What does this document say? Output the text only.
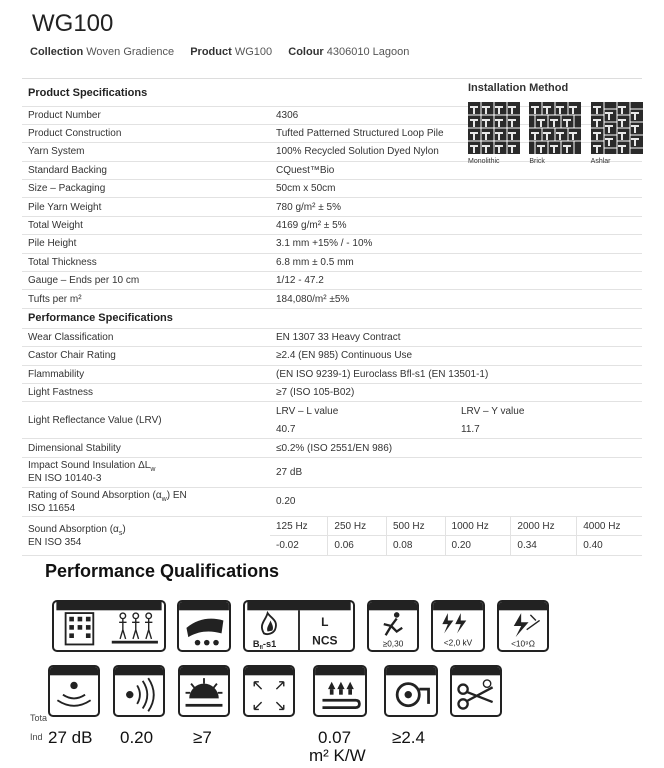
WG100
Collection Woven Gradience Product WG100 Colour 4306010 Lagoon
Product Specifications
Product Number	4306
Product Construction	Tufted Patterned Structured Loop Pile
Yarn System	100% Recycled Solution Dyed Nylon
Standard Backing	CQuest™Bio
Size – Packaging	50cm x 50cm
Pile Yarn Weight	780 g/m² ± 5%
Total Weight	4169 g/m² ± 5%
Pile Height	3.1 mm +15% / - 10%
Total Thickness	6.8 mm ± 0.5 mm
Gauge – Ends per 10 cm	1/12 - 47.2
Tufts per m²	184,080/m² ±5%
Performance Specifications
Wear Classification	EN 1307 33 Heavy Contract
Castor Chair Rating	≥2.4 (EN 985) Continuous Use
Flammability	(EN ISO 9239-1) Euroclass Bfl-s1 (EN 13501-1)
Light Fastness	≥7 (ISO 105-B02)
Light Reflectance Value (LRV)	
LRV – L value	LRV – Y value
40.7	11.7

Dimensional Stability	≤0.2% (ISO 2551/EN 986)
Impact Sound Insulation $\Delta L_w$
EN ISO 10140-3	27 dB
Rating of Sound Absorption $(\alpha_w)$ EN
ISO 11654	0.20
Sound Absorption $(\alpha_s)$
EN ISO 354	
125 Hz	250 Hz	500 Hz	1000 Hz	2000 Hz	4000 Hz
-0.02	0.06	0.08	0.20	0.34	0.40
Installation Method
Monolithic	Brick	Ashlar
Performance Qualifications
$B_{fl}-s1$
L
NCS	≥0,30	<2,0 kV	<10⁹Ω
Tota
Ind 27 dB 0.20 ≥7	0.07
m² K/W
≥2.4
